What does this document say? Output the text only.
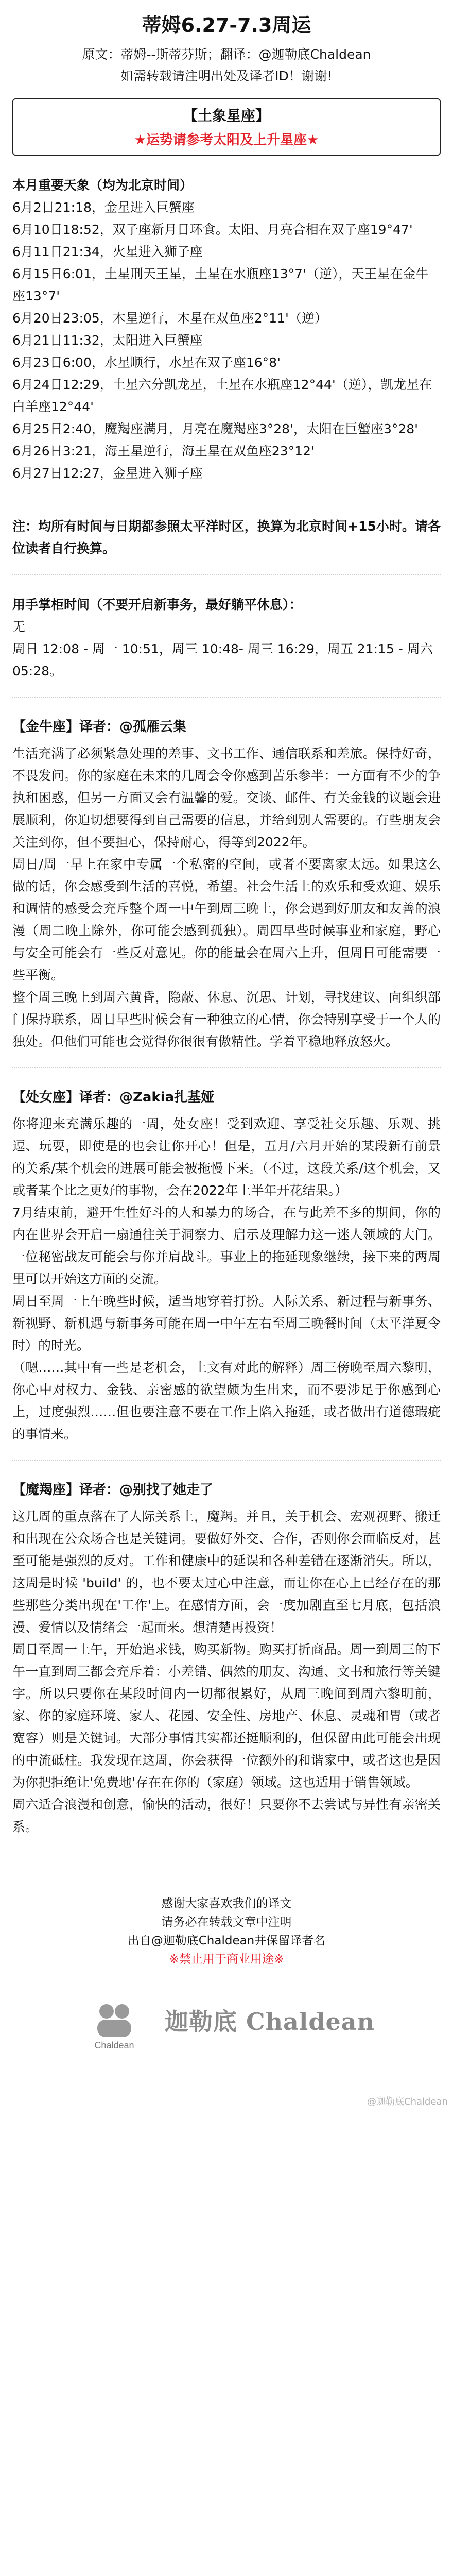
蒂姆6.27-7.3周运
原文：蒂姆--斯蒂芬斯；翻译：@迦勒底Chaldean
如需转载请注明出处及译者ID！谢谢!
【土象星座】
★运势请参考太阳及上升星座★
本月重要天象（均为北京时间）
6月2日21:18，金星进入巨蟹座
6月10日18:52，双子座新月日环食。太阳、月亮合相在双子座19°47'
6月11日21:34，火星进入狮子座
6月15日6:01，土星刑天王星，土星在水瓶座13°7'（逆），天王星在金牛座13°7'
6月20日23:05，木星逆行，木星在双鱼座2°11'（逆）
6月21日11:32，太阳进入巨蟹座
6月23日6:00，水星顺行，水星在双子座16°8'
6月24日12:29，土星六分凯龙星，土星在水瓶座12°44'（逆），凯龙星在白羊座12°44'
6月25日2:40，魔羯座满月，月亮在魔羯座3°28'，太阳在巨蟹座3°28'
6月26日3:21，海王星逆行，海王星在双鱼座23°12'
6月27日12:27，金星进入狮子座
注：均所有时间与日期都参照太平洋时区，换算为北京时间+15小时。请各位读者自行换算。
用手掌柜时间（不要开启新事务，最好躺平休息）：
无
周日 12:08 - 周一 10:51，周三 10:48- 周三 16:29，周五 21:15 - 周六 05:28。
【金牛座】译者：@孤雁云集

生活充满了必须紧急处理的差事、文书工作、通信联系和差旅。保持好奇，不畏发问。你的家庭在未来的几周会令你感到苦乐参半：一方面有不少的争执和困惑，但另一方面又会有温馨的爱。交谈、邮件、有关金钱的议题会进展顺利，你迫切想要得到自己需要的信息，并给到别人需要的。有些朋友会关注到你，但不要担心，保持耐心，得等到2022年。

周日/周一早上在家中专属一个私密的空间，或者不要离家太远。如果这么做的话，你会感受到生活的喜悦，希望。社会生活上的欢乐和受欢迎、娱乐和调情的感受会充斥整个周一中午到周三晚上，你会遇到好朋友和友善的浪漫（周二晚上除外，你可能会感到孤独）。周四早些时候事业和家庭，野心与安全可能会有一些反对意见。你的能量会在周六上升，但周日可能需要一些平衡。

整个周三晚上到周六黄昏，隐蔽、休息、沉思、计划，寻找建议、向组织部门保持联系，周日早些时候会有一种独立的心情，你会特别享受于一个人的独处。但他们可能也会觉得你很很有傲精性。学着平稳地释放怒火。

【处女座】译者：@Zakia扎基娅

你将迎来充满乐趣的一周，处女座！受到欢迎、享受社交乐趣、乐观、挑逗、玩耍，即使是的也会让你开心！但是，五月/六月开始的某段新有前景的关系/某个机会的进展可能会被拖慢下来。（不过，这段关系/这个机会，又或者某个比之更好的事物，会在2022年上半年开花结果。）

7月结束前，避开生性好斗的人和暴力的场合，在与此差不多的期间，你的内在世界会开启一扇通往关于洞察力、启示及理解力这一迷人领域的大门。一位秘密战友可能会与你并肩战斗。事业上的拖延现象继续，接下来的两周里可以开始这方面的交流。

周日至周一上午晚些时候，适当地穿着打扮。人际关系、新过程与新事务、新视野、新机遇与新事务可能在周一中午左右至周三晚餐时间（太平洋夏令时）的时光。

（嗯……其中有一些是老机会，上文有对此的解释）周三傍晚至周六黎明，你心中对权力、金钱、亲密感的欲望颇为生出来，而不要涉足于你感到心上，过度强烈……但也要注意不要在工作上陷入拖延，或者做出有道德瑕疵的事情来。

【魔羯座】译者：@别找了她走了

这几周的重点落在了人际关系上，魔羯。并且，关于机会、宏观视野、搬迁和出现在公众场合也是关键词。要做好外交、合作，否则你会面临反对，甚至可能是强烈的反对。工作和健康中的延误和各种差错在逐渐消失。所以，这周是时候 'build' 的，也不要太过心中注意，而让你在心上已经存在的那些那些分类出现在'工作'上。在感情方面，会一度加剧直至七月底，包括浪漫、爱情以及情绪会一起而来。想清楚再投资！

周日至周一上午，开始追求钱，购买新物。购买打折商品。周一到周三的下午一直到周三都会充斥着：小差错、偶然的朋友、沟通、文书和旅行等关键字。所以只要你在某段时间内一切都很累好，从周三晚间到周六黎明前，家、你的家庭环境、家人、花园、安全性、房地产、休息、灵魂和胃（或者宽容）则是关键词。大部分事情其实都还挺顺利的，但保留由此可能会出现的中流砥柱。我发现在这周，你会获得一位额外的和谐家中，或者这也是因为你把拒绝让'免费地'存在在你的（家庭）领域。这也适用于销售领域。

周六适合浪漫和创意，愉快的活动，很好！只要你不去尝试与异性有亲密关系。

感谢大家喜欢我们的译文
请务必在转载文章中注明
出自@迦勒底Chaldean并保留译者名
※禁止用于商业用途※
Chaldean
迦勒底 Chaldean
@迦勒底Chaldean
